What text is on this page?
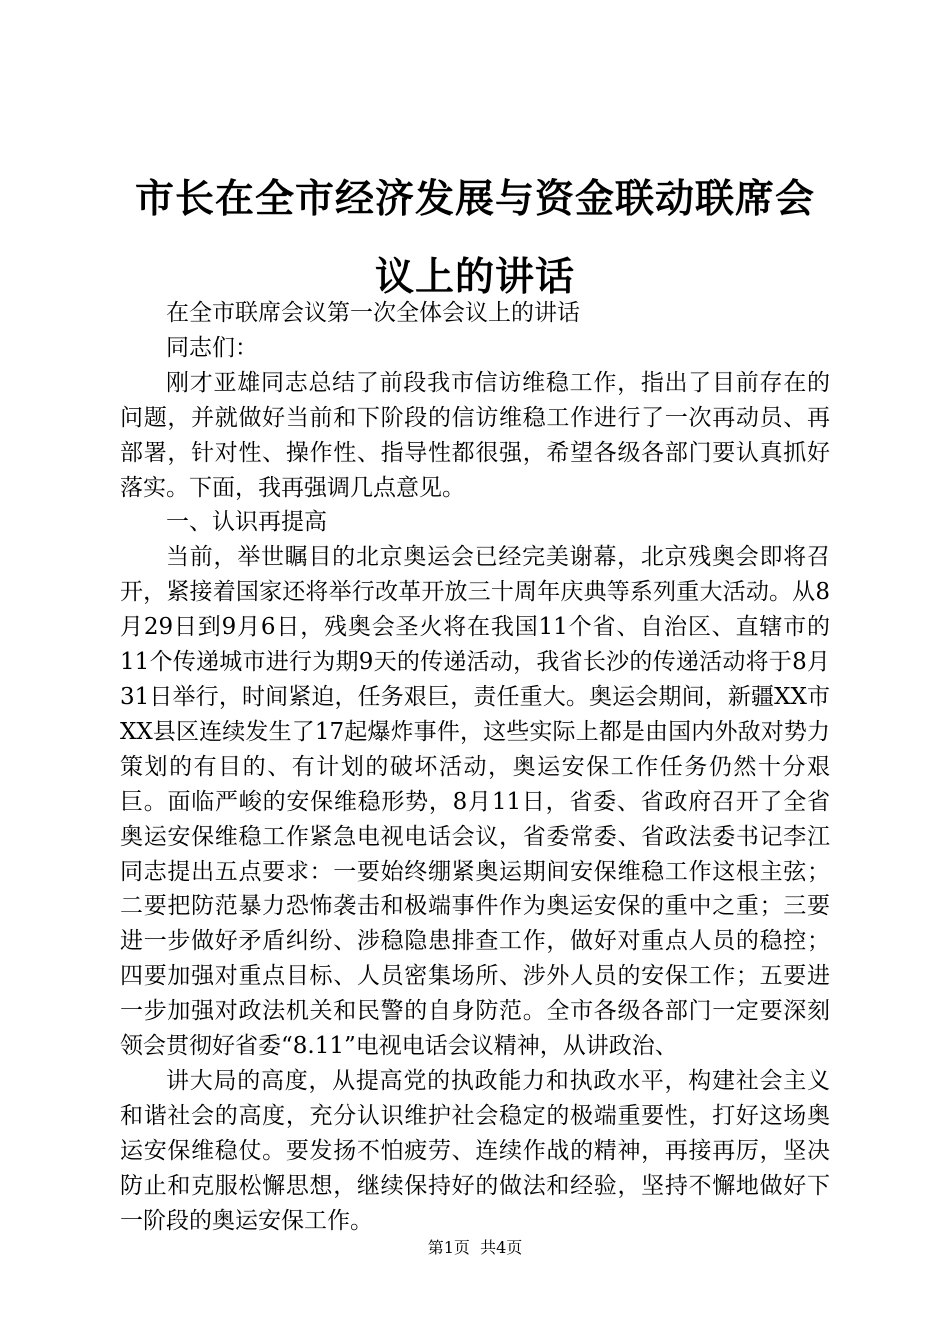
市长在全市经济发展与资金联动联席会议上的讲话

在全市联席会议第一次全体会议上的讲话

同志们：

刚才亚雄同志总结了前段我市信访维稳工作，指出了目前存在的问题，并就做好当前和下阶段的信访维稳工作进行了一次再动员、再部署，针对性、操作性、指导性都很强，希望各级各部门要认真抓好落实。下面，我再强调几点意见。

一、认识再提高

当前，举世瞩目的北京奥运会已经完美谢幕，北京残奥会即将召开，紧接着国家还将举行改革开放三十周年庆典等系列重大活动。从8月29日到9月6日，残奥会圣火将在我国11个省、自治区、直辖市的11个传递城市进行为期9天的传递活动，我省长沙的传递活动将于8月31日举行，时间紧迫，任务艰巨，责任重大。奥运会期间，新疆XX市XX县区连续发生了17起爆炸事件，这些实际上都是由国内外敌对势力策划的有目的、有计划的破坏活动，奥运安保工作任务仍然十分艰巨。面临严峻的安保维稳形势，8月11日，省委、省政府召开了全省奥运安保维稳工作紧急电视电话会议，省委常委、省政法委书记李江同志提出五点要求：一要始终绷紧奥运期间安保维稳工作这根主弦；二要把防范暴力恐怖袭击和极端事件作为奥运安保的重中之重；三要进一步做好矛盾纠纷、涉稳隐患排查工作，做好对重点人员的稳控；四要加强对重点目标、人员密集场所、涉外人员的安保工作；五要进一步加强对政法机关和民警的自身防范。全市各级各部门一定要深刻领会贯彻好省委“8.11”电视电话会议精神，从讲政治、

讲大局的高度，从提高党的执政能力和执政水平，构建社会主义和谐社会的高度，充分认识维护社会稳定的极端重要性，打好这场奥运安保维稳仗。要发扬不怕疲劳、连续作战的精神，再接再厉，坚决防止和克服松懈思想，继续保持好的做法和经验，坚持不懈地做好下一阶段的奥运安保工作。

第1页 共4页
